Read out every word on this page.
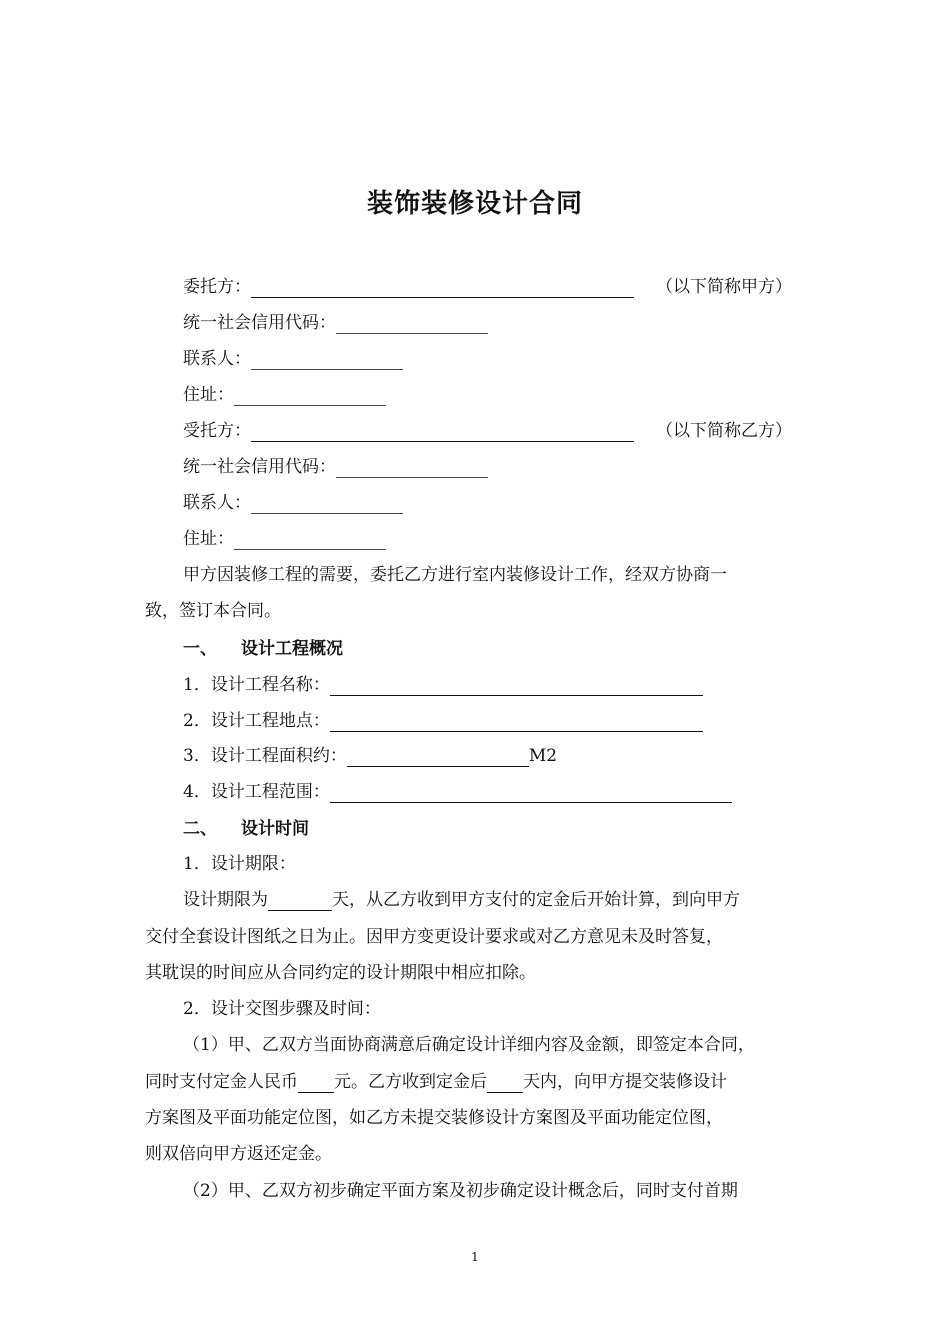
装饰装修设计合同
委托方：	（以下简称甲方）
统一社会信用代码：
联系人：
住址：
受托方：	（以下简称乙方）
统一社会信用代码：
联系人：
住址：
甲方因装修工程的需要，委托乙方进行室内装修设计工作，经双方协商一
致，签订本合同。
一、 设计工程概况
1．设计工程名称：
2．设计工程地点：
3．设计工程面积约：	M2
4．设计工程范围：
二、 设计时间
1．设计期限：
设计期限为	天，从乙方收到甲方支付的定金后开始计算，到向甲方
交付全套设计图纸之日为止。因甲方变更设计要求或对乙方意见未及时答复，
其耽误的时间应从合同约定的设计期限中相应扣除。
2．设计交图步骤及时间：
（1）甲、乙双方当面协商满意后确定设计详细内容及金额，即签定本合同，
同时支付定金人民币 元。乙方收到定金后 天内，向甲方提交装修设计
方案图及平面功能定位图，如乙方未提交装修设计方案图及平面功能定位图，
则双倍向甲方返还定金。
（2）甲、乙双方初步确定平面方案及初步确定设计概念后，同时支付首期
1
